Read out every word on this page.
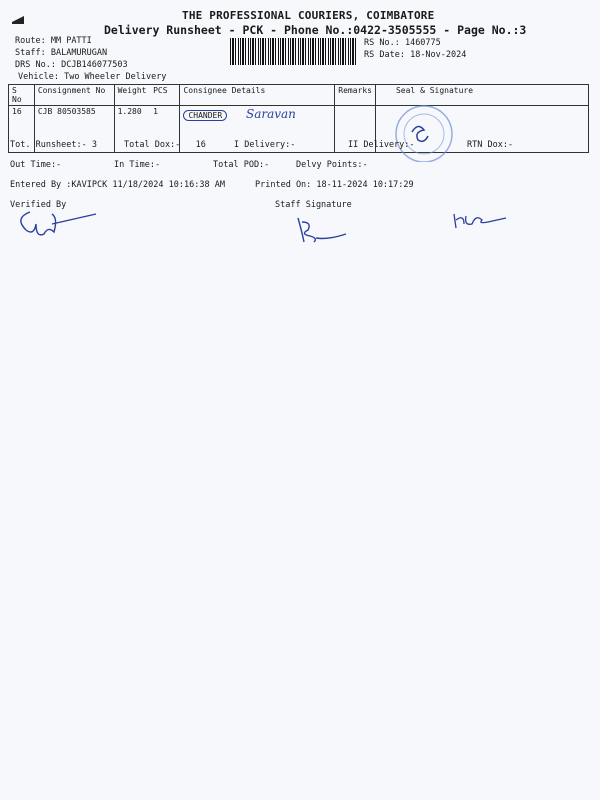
THE PROFESSIONAL COURIERS, COIMBATORE
Delivery Runsheet - PCK - Phone No.:0422-3505555 - Page No.:3
Route: MM PATTI
Staff: BALAMURUGAN
DRS No.: DCJB146077503
Vehicle: Two Wheeler Delivery
RS No.: 1460775
RS Date: 18-Nov-2024
S No	Consignment No	Weight	PCS	Consignee Details	Remarks	Seal & Signature
16	CJB 80503585	1.280	1	CHANDER Saravan		
Tot. Runsheet:- 3	Total Dox:- 16	I Delivery:-	II Delivery:-	RTN Dox:-
Out Time:-	In Time:-	Total POD:-	Delvy Points:-
Entered By :KAVIPCK 11/18/2024 10:16:38 AM	Printed On: 18-11-2024 10:17:29
Verified By	Staff Signature
